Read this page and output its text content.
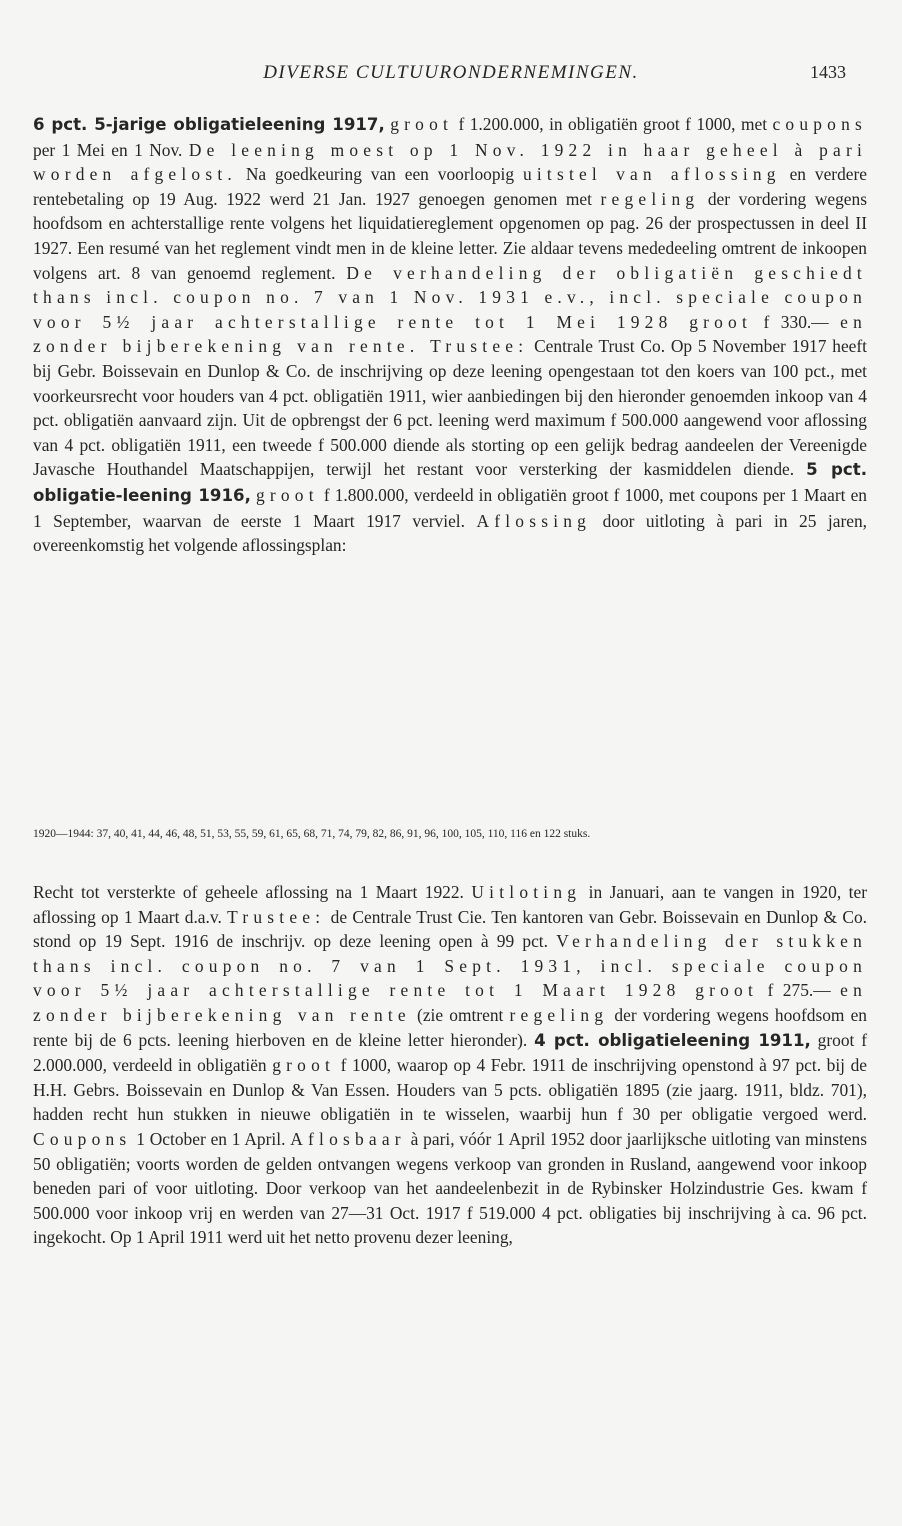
DIVERSE CULTUURONDERNEMINGEN.	1433
6 pct. 5-jarige obligatieleening 1917, groot f 1.200.000, in obligatiën groot f 1000, met coupons per 1 Mei en 1 Nov. De leening moest op 1 Nov. 1922 in haar geheel à pari worden afgelost. Na goedkeuring van een voorloopig uitstel van aflossing en verdere rentebetaling op 19 Aug. 1922 werd 21 Jan. 1927 genoegen genomen met regeling der vordering wegens hoofdsom en achterstallige rente volgens het liquidatiereglement opgenomen op pag. 26 der prospectussen in deel II 1927. Een resumé van het reglement vindt men in de kleine letter. Zie aldaar tevens mededeeling omtrent de inkoopen volgens art. 8 van genoemd reglement. De verhandeling der obligatiën geschiedt thans incl. coupon no. 7 van 1 Nov. 1931 e.v., incl. speciale coupon voor 5½ jaar achterstallige rente tot 1 Mei 1928 groot f 330.— en zonder bijberekening van rente. Trustee: Centrale Trust Co. Op 5 November 1917 heeft bij Gebr. Boissevain en Dunlop & Co. de inschrijving op deze leening opengestaan tot den koers van 100 pct., met voorkeursrecht voor houders van 4 pct. obligatiën 1911, wier aanbiedingen bij den hieronder genoemden inkoop van 4 pct. obligatiën aanvaard zijn. Uit de opbrengst der 6 pct. leening werd maximum f 500.000 aangewend voor aflossing van 4 pct. obligatiën 1911, een tweede f 500.000 diende als storting op een gelijk bedrag aandeelen der Vereenigde Javasche Houthandel Maatschappijen, terwijl het restant voor versterking der kasmiddelen diende. 5 pct. obligatie-leening 1916, groot f 1.800.000, verdeeld in obligatiën groot f 1000, met coupons per 1 Maart en 1 September, waarvan de eerste 1 Maart 1917 verviel. Aflossing door uitloting à pari in 25 jaren, overeenkomstig het volgende aflossingsplan:
1920—1944: 37, 40, 41, 44, 46, 48, 51, 53, 55, 59, 61, 65, 68, 71, 74, 79, 82, 86, 91, 96, 100, 105, 110, 116 en 122 stuks.
Recht tot versterkte of geheele aflossing na 1 Maart 1922. Uitloting in Januari, aan te vangen in 1920, ter aflossing op 1 Maart d.a.v. Trustee: de Centrale Trust Cie. Ten kantoren van Gebr. Boissevain en Dunlop & Co. stond op 19 Sept. 1916 de inschrijv. op deze leening open à 99 pct. Verhandeling der stukken thans incl. coupon no. 7 van 1 Sept. 1931, incl. speciale coupon voor 5½ jaar achterstallige rente tot 1 Maart 1928 groot f 275.— en zonder bijberekening van rente (zie omtrent regeling der vordering wegens hoofdsom en rente bij de 6 pcts. leening hierboven en de kleine letter hieronder). 4 pct. obligatieleening 1911, groot f 2.000.000, verdeeld in obligatiën groot f 1000, waarop op 4 Febr. 1911 de inschrijving openstond à 97 pct. bij de H.H. Gebrs. Boissevain en Dunlop & Van Essen. Houders van 5 pcts. obligatiën 1895 (zie jaarg. 1911, bldz. 701), hadden recht hun stukken in nieuwe obligatiën in te wisselen, waarbij hun f 30 per obligatie vergoed werd. Coupons 1 October en 1 April. Aflosbaar à pari, vóór 1 April 1952 door jaarlijksche uitloting van minstens 50 obligatiën; voorts worden de gelden ontvangen wegens verkoop van gronden in Rusland, aangewend voor inkoop beneden pari of voor uitloting. Door verkoop van het aandeelenbezit in de Rybinsker Holzindustrie Ges. kwam f 500.000 voor inkoop vrij en werden van 27—31 Oct. 1917 f 519.000 4 pct. obligaties bij inschrijving à ca. 96 pct. ingekocht. Op 1 April 1911 werd uit het netto provenu dezer leening,
